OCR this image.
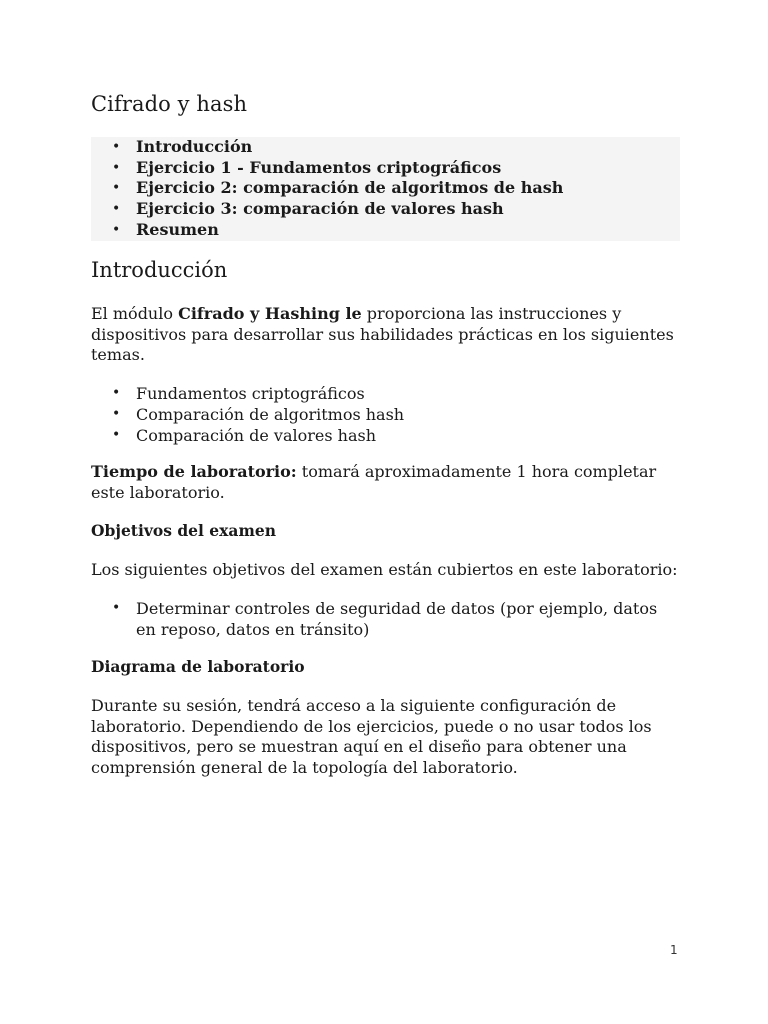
Cifrado y hash
• Introducción
• Ejercicio 1 - Fundamentos criptográficos
• Ejercicio 2: comparación de algoritmos de hash
• Ejercicio 3: comparación de valores hash
• Resumen
Introducción

El módulo Cifrado y Hashing le proporciona las instrucciones y dispositivos para desarrollar sus habilidades prácticas en los siguientes temas.

• Fundamentos criptográficos
• Comparación de algoritmos hash
• Comparación de valores hash

Tiempo de laboratorio: tomará aproximadamente 1 hora completar este laboratorio.

Objetivos del examen

Los siguientes objetivos del examen están cubiertos en este laboratorio:

• Determinar controles de seguridad de datos (por ejemplo, datos en reposo, datos en tránsito)
Diagrama de laboratorio

Durante su sesión, tendrá acceso a la siguiente configuración de laboratorio. Dependiendo de los ejercicios, puede o no usar todos los dispositivos, pero se muestran aquí en el diseño para obtener una comprensión general de la topología del laboratorio.

1
